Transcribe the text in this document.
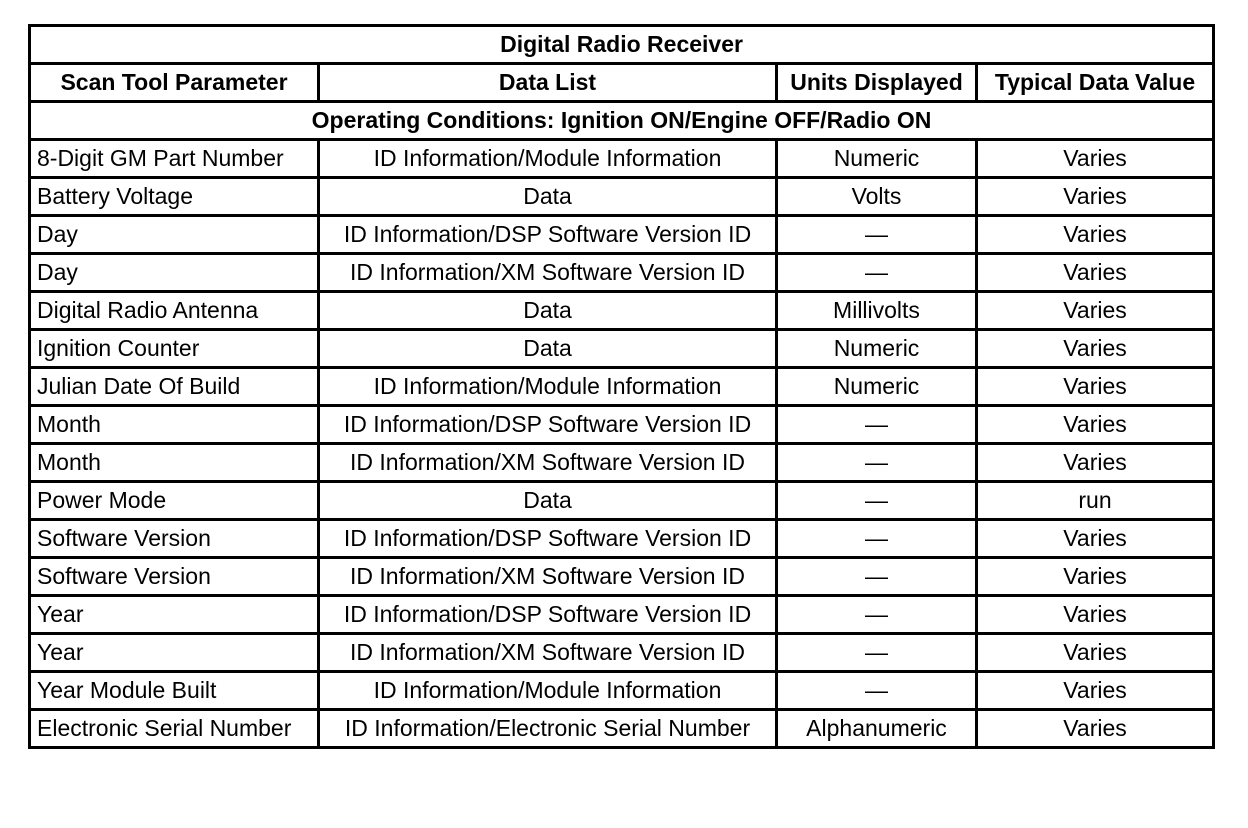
Digital Radio Receiver			
Scan Tool Parameter	Data List	Units Displayed	Typical Data Value
Operating Conditions: Ignition ON/Engine OFF/Radio ON			
8-Digit GM Part Number	ID Information/Module Information	Numeric	Varies
Battery Voltage	Data	Volts	Varies
Day	ID Information/DSP Software Version ID	—	Varies
Day	ID Information/XM Software Version ID	—	Varies
Digital Radio Antenna	Data	Millivolts	Varies
Ignition Counter	Data	Numeric	Varies
Julian Date Of Build	ID Information/Module Information	Numeric	Varies
Month	ID Information/DSP Software Version ID	—	Varies
Month	ID Information/XM Software Version ID	—	Varies
Power Mode	Data	—	run
Software Version	ID Information/DSP Software Version ID	—	Varies
Software Version	ID Information/XM Software Version ID	—	Varies
Year	ID Information/DSP Software Version ID	—	Varies
Year	ID Information/XM Software Version ID	—	Varies
Year Module Built	ID Information/Module Information	—	Varies
Electronic Serial Number	ID Information/Electronic Serial Number	Alphanumeric	Varies
